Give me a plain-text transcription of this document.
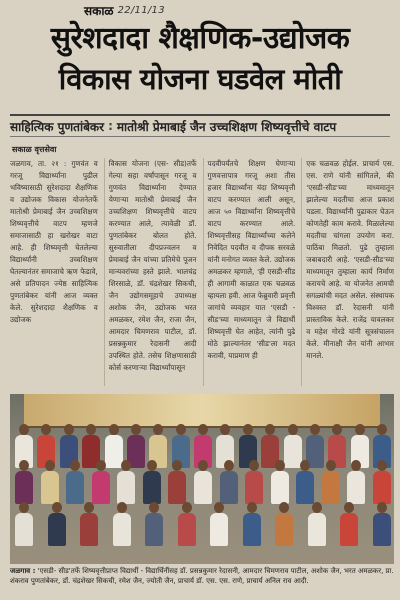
सकाळ 22/11/13
सुरेशदादा शैक्षणिक-उद्योजक
विकास योजना घडवेल मोती
साहित्यिक पुणतांबेकर : मातोश्री प्रेमाबाई जैन उच्चशिक्षण शिष्यवृत्तीचे वाटप
सकाळ वृत्तसेवा
जळगाव, ता. २१ : गुणवंत व गरजू विद्यार्थ्यांना पुढील भविष्यासाठी सुरेशदादा शैक्षणिक व उद्योजक विकास योजनेतर्फे मातोश्री प्रेमाबाई जैन उच्चशिक्षण शिष्यवृत्तीचे वाटप म्हणजे समाजासाठी हा खरोखर वाटा आहे. ही शिष्यवृत्ती घेतलेल्या विद्यार्थ्यांनी उच्चशिक्षण घेतल्यानंतर समाजाचे ऋण फेडावे, असे प्रतिपादन ज्येष्ठ साहित्यिक पुणतांबेकर यांनी आज व्यक्त केले. सुरेशदादा शैक्षणिक व उद्योजक
विकास योजना (एस- सीड)तर्फे गेल्या सहा वर्षांपासून गरजू व गुणवंत विद्यार्थ्यांना देण्यात येणाऱ्या मातोश्री प्रेमाबाई जैन उच्चशिक्षण शिष्यवृत्तीचे वाटप करण्यात आले, त्यावेळी डॉ. पुणतांबेकर बोलत होते. सुरुवातीला दीपप्रज्वलन व प्रेमाबाई जैन यांच्या प्रतिमेचे पूजन मान्यवरांच्या हस्ते झाले. भालचंद्र शिरसाळे, डॉ. चंद्रशेखर सिकची, जैन उद्योगसमूहाचे उपाध्यक्ष अशोक जैन, उद्योजक भरत अमळकर, रमेश जैन, राजा जैन, आमदार चिमणराव पाटील, डॉ. प्रसन्नकुमार रेदासनी आदी उपस्थित होते. तसेच शिक्षणासाठी कोर्स करणाऱ्या विद्यार्थ्यांपासून
पदवीपर्यंतचे शिक्षण घेणाऱ्या गुणवत्तापात्र गरजू अशा तीस हजार विद्यार्थ्यांना यंदा शिष्यवृत्ती वाटप करण्यात आली असून, आज ५० विद्यार्थ्यांना शिष्यवृत्तीचे वाटप करण्यात आले. शिष्यवृत्तीसह विद्यार्थ्यांच्या कलेने निवेदित पदवीत व दीपक सरवळे यांनी मनोगत व्यक्त केले. उद्योजक अमळकर म्हणाले, 'ही एसडी-सीड ही आगामी काळात एक चळवळ व्हायला हवी. आज फेब्रुवारी प्रवृत्ती जागांचे व्यवहार यात 'एसडी - सीड'च्या माध्यमातून जे विद्यार्थी शिष्यवृत्ती घेत आहेत, त्यांनी पुढे मोठे झाल्यानंतर 'सीड'ला मदत करावी, याप्रमाण ही
एक चळवळ होईल. प्राचार्य एस. एस. राणे यांनी सांगितले, की 'एसडी-सीड'च्या माध्यमातून झालेल्या मदतीचा आज प्रकाश पडला. विद्यार्थ्यांनी पुढाकार घेऊन कोणतेही काम करावे. मिळालेल्या मदतीचा चांगला उपयोग करा. पाठिंबा मिळतो. पुढे तुम्हाला जबाबदारी आहे. 'एसडी-सीड'च्या माध्यमातून तुम्हाला कार्य निर्माण करायचे आहे. या योजनेत आमची सगळ्यांची मदत असेल. संस्थापक विश्वस्त डॉ. रेदासनी यांनी प्रास्ताविक केले. राजेंद्र यावलकर व महेश गोरडे यांनी सूत्रसंचालन केले. मीनाक्षी जैन यांनी आभार मानले.
जळगाव : 'एसडी- सीड'तर्फे शिष्यवृत्तीप्राप्त विद्यार्थी - विद्यार्थिनींसह डॉ. प्रसन्नकुमार रेदासनी, आमदार चिमणराव पाटील, अशोक जैन, भरत अमळकर, प्रा. शंकराव पुणतांबेकर, डॉ. चंद्रशेखर सिकची, रमेश जैन, ज्योती जैन, प्राचार्य डॉ. एस. एस. राणे, प्राचार्य अनिल राव आदी.
